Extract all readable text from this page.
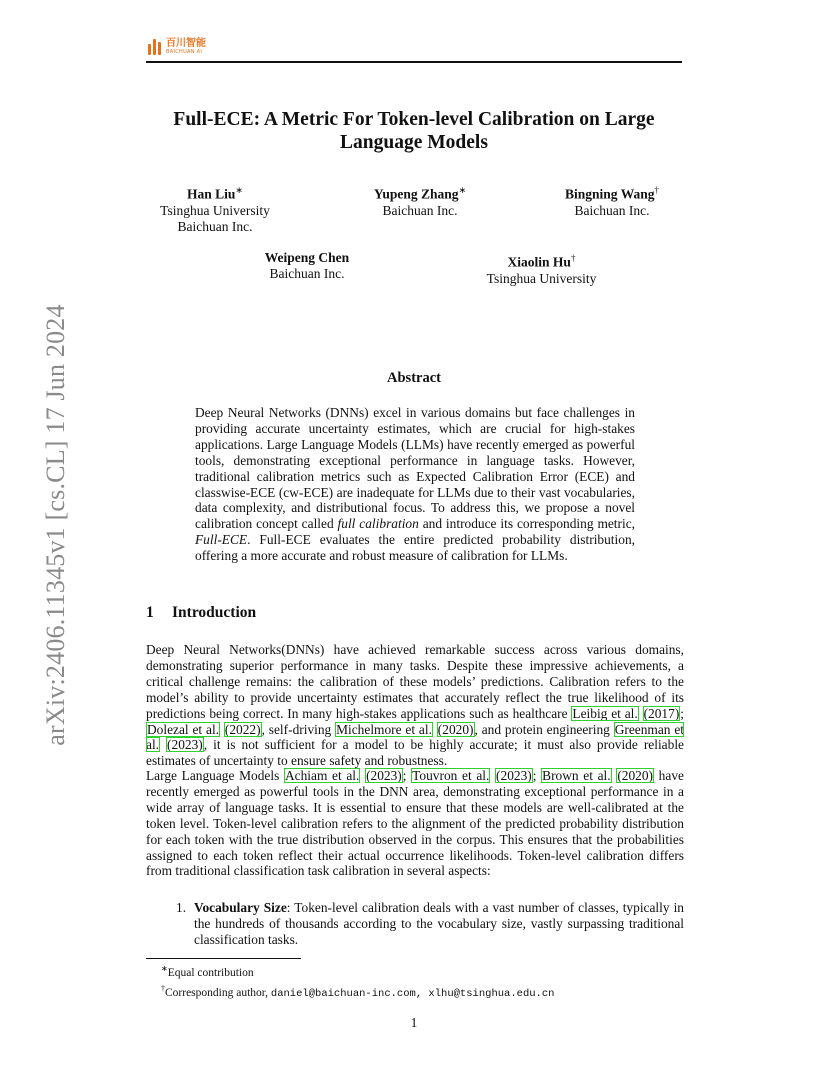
百川智能
BAICHUAN AI
arXiv:2406.11345v1 [cs.CL] 17 Jun 2024
Full-ECE: A Metric For Token-level Calibration on Large
Language Models
Han Liu∗
Tsinghua University
Baichuan Inc.
Yupeng Zhang∗
Baichuan Inc.
Bingning Wang†
Baichuan Inc.
Weipeng Chen
Baichuan Inc.
Xiaolin Hu†
Tsinghua University
Abstract
Deep Neural Networks (DNNs) excel in various domains but face challenges in providing accurate uncertainty estimates, which are crucial for high-stakes applications. Large Language Models (LLMs) have recently emerged as powerful tools, demonstrating exceptional performance in language tasks. However, traditional calibration metrics such as Expected Calibration Error (ECE) and classwise-ECE (cw-ECE) are inadequate for LLMs due to their vast vocabularies, data complexity, and distributional focus. To address this, we propose a novel calibration concept called full calibration and introduce its corresponding metric, Full-ECE. Full-ECE evaluates the entire predicted probability distribution, offering a more accurate and robust measure of calibration for LLMs.
1 Introduction
Deep Neural Networks(DNNs) have achieved remarkable success across various domains, demonstrating superior performance in many tasks. Despite these impressive achievements, a critical challenge remains: the calibration of these models’ predictions. Calibration refers to the model’s ability to provide uncertainty estimates that accurately reflect the true likelihood of its predictions being correct. In many high-stakes applications such as healthcare Leibig et al. (2017); Dolezal et al. (2022), self-driving Michelmore et al. (2020), and protein engineering Greenman et al. (2023), it is not sufficient for a model to be highly accurate; it must also provide reliable estimates of uncertainty to ensure safety and robustness.
Large Language Models Achiam et al. (2023); Touvron et al. (2023); Brown et al. (2020) have recently emerged as powerful tools in the DNN area, demonstrating exceptional performance in a wide array of language tasks. It is essential to ensure that these models are well-calibrated at the token level. Token-level calibration refers to the alignment of the predicted probability distribution for each token with the true distribution observed in the corpus. This ensures that the probabilities assigned to each token reflect their actual occurrence likelihoods. Token-level calibration differs from traditional classification task calibration in several aspects:
1. Vocabulary Size: Token-level calibration deals with a vast number of classes, typically in the hundreds of thousands according to the vocabulary size, vastly surpassing traditional classification tasks.
∗Equal contribution
†Corresponding author, daniel@baichuan-inc.com, xlhu@tsinghua.edu.cn
1
